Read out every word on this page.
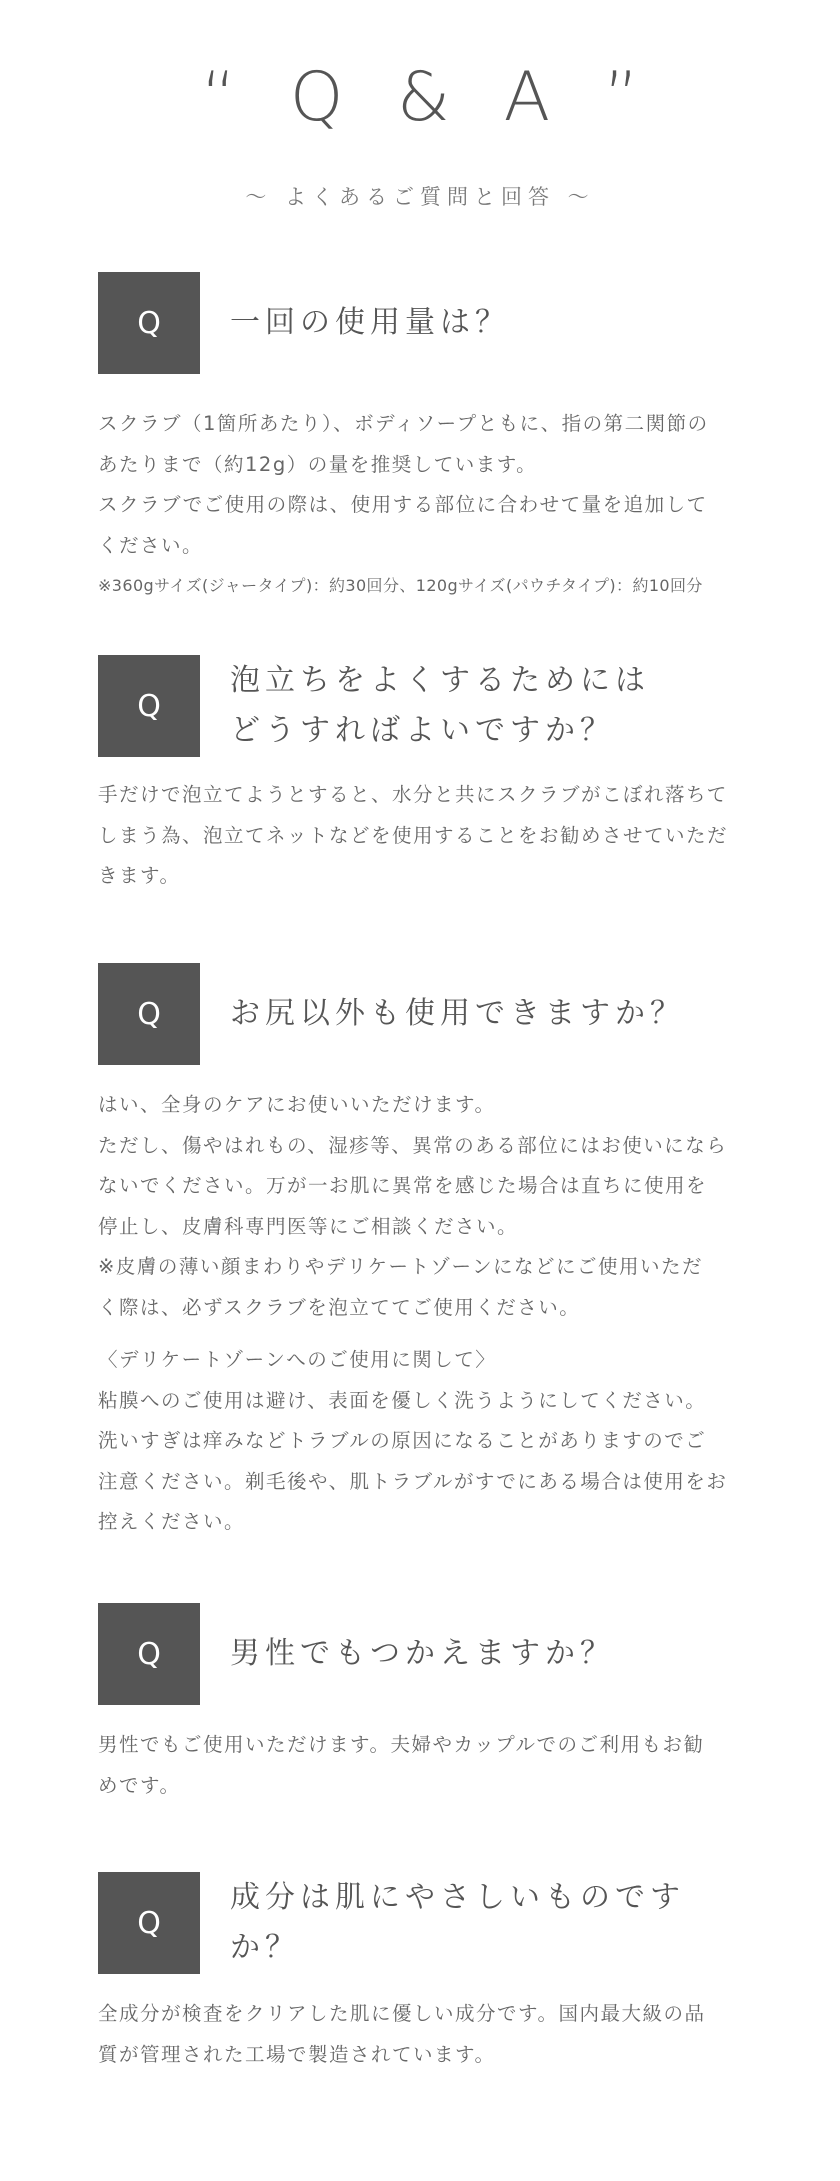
“ Q & A ”
〜 よくあるご質問と回答 〜
Q	一回の使用量は？

スクラブ（1箇所あたり）、ボディソープともに、指の第二関節の

あたりまで（約12g）の量を推奨しています。

スクラブでご使用の際は、使用する部位に合わせて量を追加して

ください。

※360gサイズ(ジャータイプ)：約30回分、120gサイズ(パウチタイプ)：約10回分

Q
泡立ちをよくするためには
どうすればよいですか？

手だけで泡立てようとすると、水分と共にスクラブがこぼれ落ちて

しまう為、泡立てネットなどを使用することをお勧めさせていただ

きます。

Q	お尻以外も使用できますか？

はい、全身のケアにお使いいただけます。

ただし、傷やはれもの、湿疹等、異常のある部位にはお使いになら

ないでください。万が一お肌に異常を感じた場合は直ちに使用を

停止し、皮膚科専門医等にご相談ください。

※皮膚の薄い顔まわりやデリケートゾーンになどにご使用いただ

く際は、必ずスクラブを泡立ててご使用ください。

〈デリケートゾーンへのご使用に関して〉

粘膜へのご使用は避け、表面を優しく洗うようにしてください。

洗いすぎは痒みなどトラブルの原因になることがありますのでご

注意ください。剃毛後や、肌トラブルがすでにある場合は使用をお

控えください。

Q	男性でもつかえますか？

男性でもご使用いただけます。夫婦やカップルでのご利用もお勧

めです。

Q
成分は肌にやさしいものですか？

全成分が検査をクリアした肌に優しい成分です。国内最大級の品

質が管理された工場で製造されています。
